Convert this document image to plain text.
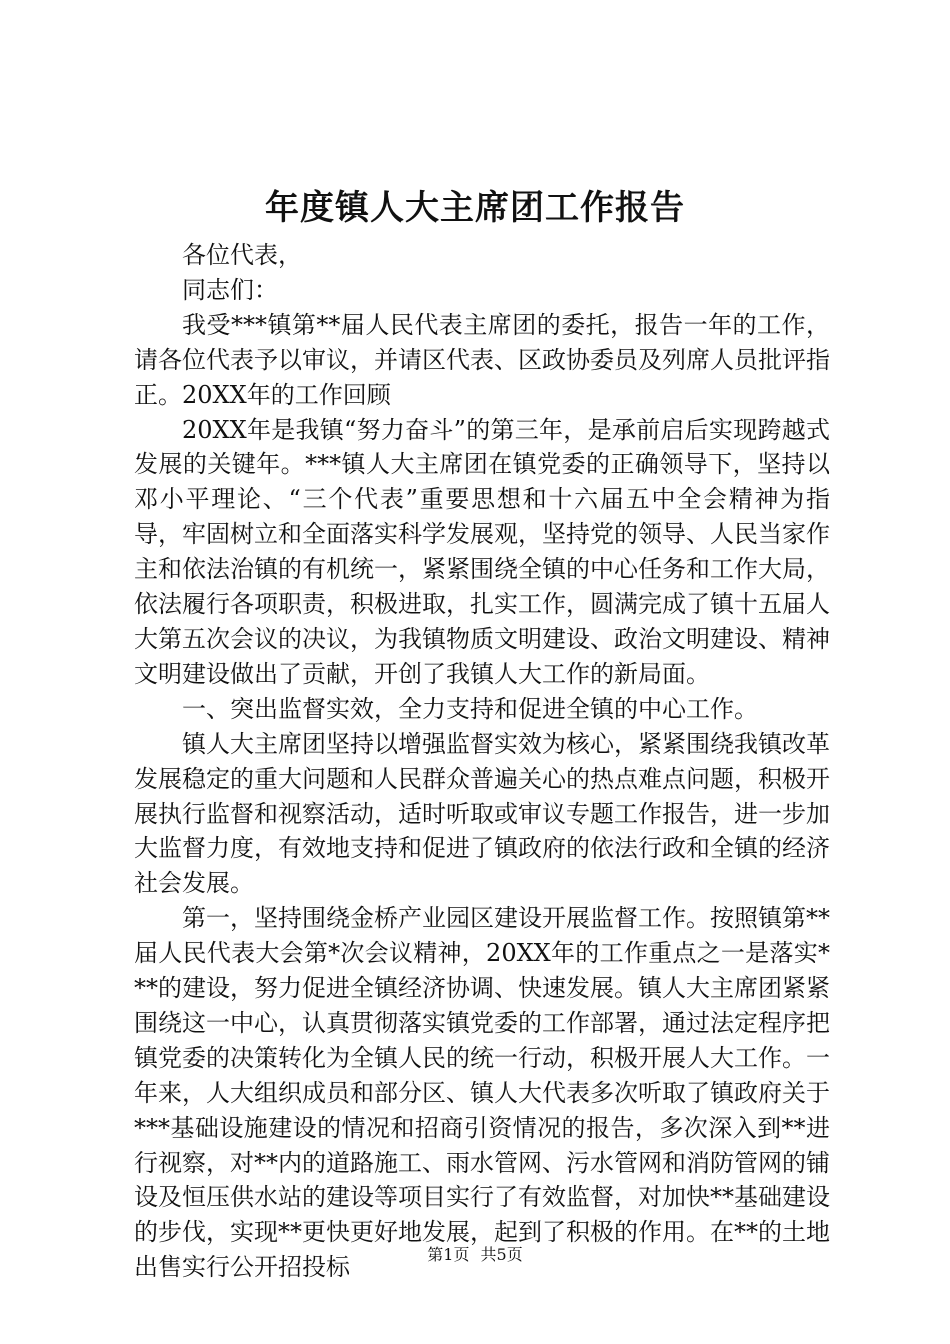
年度镇人大主席团工作报告

各位代表，

同志们：

我受***镇第**届人民代表主席团的委托，报告一年的工作，请各位代表予以审议，并请区代表、区政协委员及列席人员批评指正。20XX年的工作回顾

20XX年是我镇“努力奋斗”的第三年，是承前启后实现跨越式发展的关键年。***镇人大主席团在镇党委的正确领导下，坚持以邓小平理论、“三个代表”重要思想和十六届五中全会精神为指导，牢固树立和全面落实科学发展观，坚持党的领导、人民当家作主和依法治镇的有机统一，紧紧围绕全镇的中心任务和工作大局，依法履行各项职责，积极进取，扎实工作，圆满完成了镇十五届人大第五次会议的决议，为我镇物质文明建设、政治文明建设、精神文明建设做出了贡献，开创了我镇人大工作的新局面。

一、突出监督实效，全力支持和促进全镇的中心工作。

镇人大主席团坚持以增强监督实效为核心，紧紧围绕我镇改革发展稳定的重大问题和人民群众普遍关心的热点难点问题，积极开展执行监督和视察活动，适时听取或审议专题工作报告，进一步加大监督力度，有效地支持和促进了镇政府的依法行政和全镇的经济社会发展。

第一，坚持围绕金桥产业园区建设开展监督工作。按照镇第**届人民代表大会第*次会议精神，20XX年的工作重点之一是落实***的建设，努力促进全镇经济协调、快速发展。镇人大主席团紧紧围绕这一中心，认真贯彻落实镇党委的工作部署，通过法定程序把镇党委的决策转化为全镇人民的统一行动，积极开展人大工作。一年来，人大组织成员和部分区、镇人大代表多次听取了镇政府关于***基础设施建设的情况和招商引资情况的报告，多次深入到**进行视察，对**内的道路施工、雨水管网、污水管网和消防管网的铺设及恒压供水站的建设等项目实行了有效监督，对加快**基础建设的步伐，实现**更快更好地发展，起到了积极的作用。在**的土地出售实行公开招投标	第1页 共5页
